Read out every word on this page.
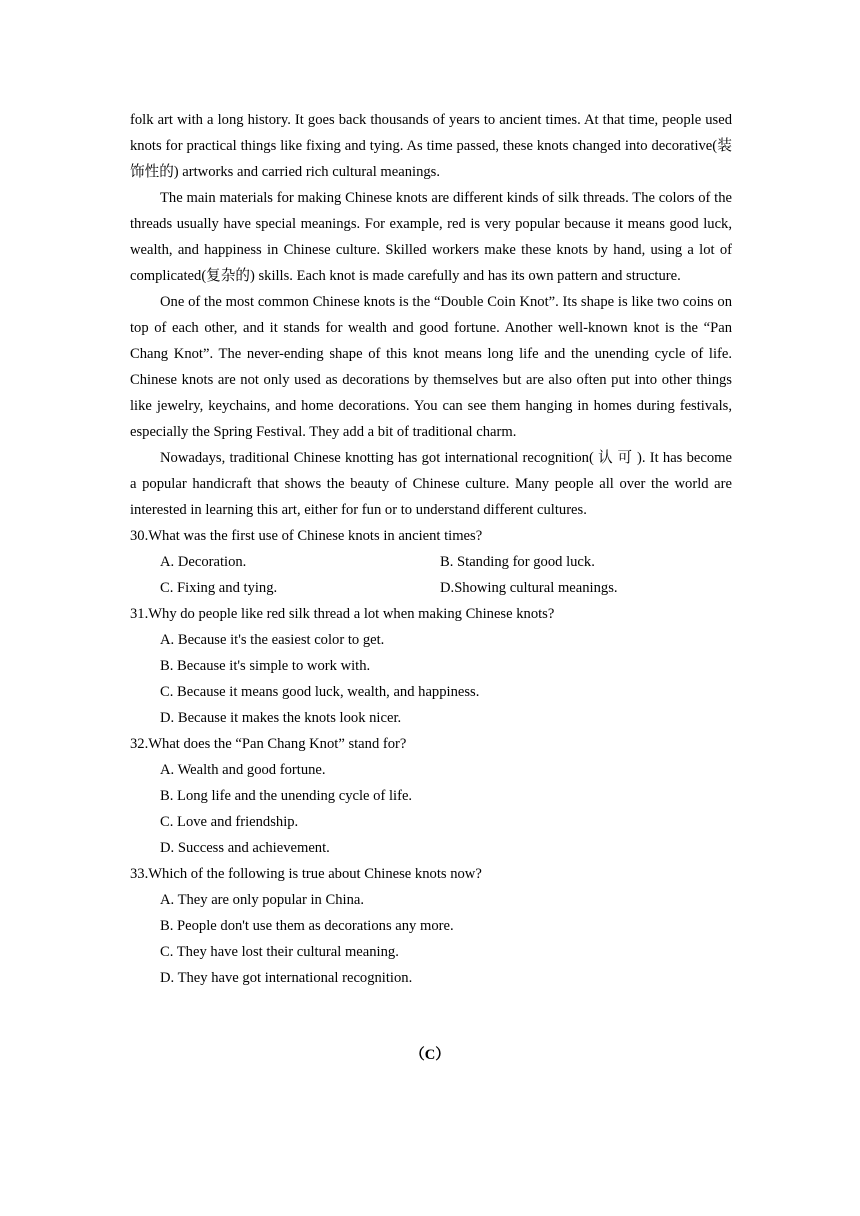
folk art with a long history. It goes back thousands of years to ancient times. At that time, people used knots for practical things like fixing and tying. As time passed, these knots changed into decorative(装饰性的) artworks and carried rich cultural meanings.

The main materials for making Chinese knots are different kinds of silk threads. The colors of the threads usually have special meanings. For example, red is very popular because it means good luck, wealth, and happiness in Chinese culture. Skilled workers make these knots by hand, using a lot of complicated(复杂的) skills. Each knot is made carefully and has its own pattern and structure.

One of the most common Chinese knots is the “Double Coin Knot”. Its shape is like two coins on top of each other, and it stands for wealth and good fortune. Another well-known knot is the “Pan Chang Knot”. The never-ending shape of this knot means long life and the unending cycle of life. Chinese knots are not only used as decorations by themselves but are also often put into other things like jewelry, keychains, and home decorations. You can see them hanging in homes during festivals, especially the Spring Festival. They add a bit of traditional charm.

Nowadays, traditional Chinese knotting has got international recognition( 认 可 ). It has become a popular handicraft that shows the beauty of Chinese culture. Many people all over the world are interested in learning this art, either for fun or to understand different cultures.

30.What was the first use of Chinese knots in ancient times?

A. Decoration.	B. Standing for good luck.
C. Fixing and tying.	D.Showing cultural meanings.

31.Why do people like red silk thread a lot when making Chinese knots?

A. Because it's the easiest color to get.

B. Because it's simple to work with.

C. Because it means good luck, wealth, and happiness.

D. Because it makes the knots look nicer.

32.What does the “Pan Chang Knot” stand for?

A. Wealth and good fortune.

B. Long life and the unending cycle of life.

C. Love and friendship.

D. Success and achievement.

33.Which of the following is true about Chinese knots now?

A. They are only popular in China.

B. People don't use them as decorations any more.

C. They have lost their cultural meaning.

D. They have got international recognition.

（C）
